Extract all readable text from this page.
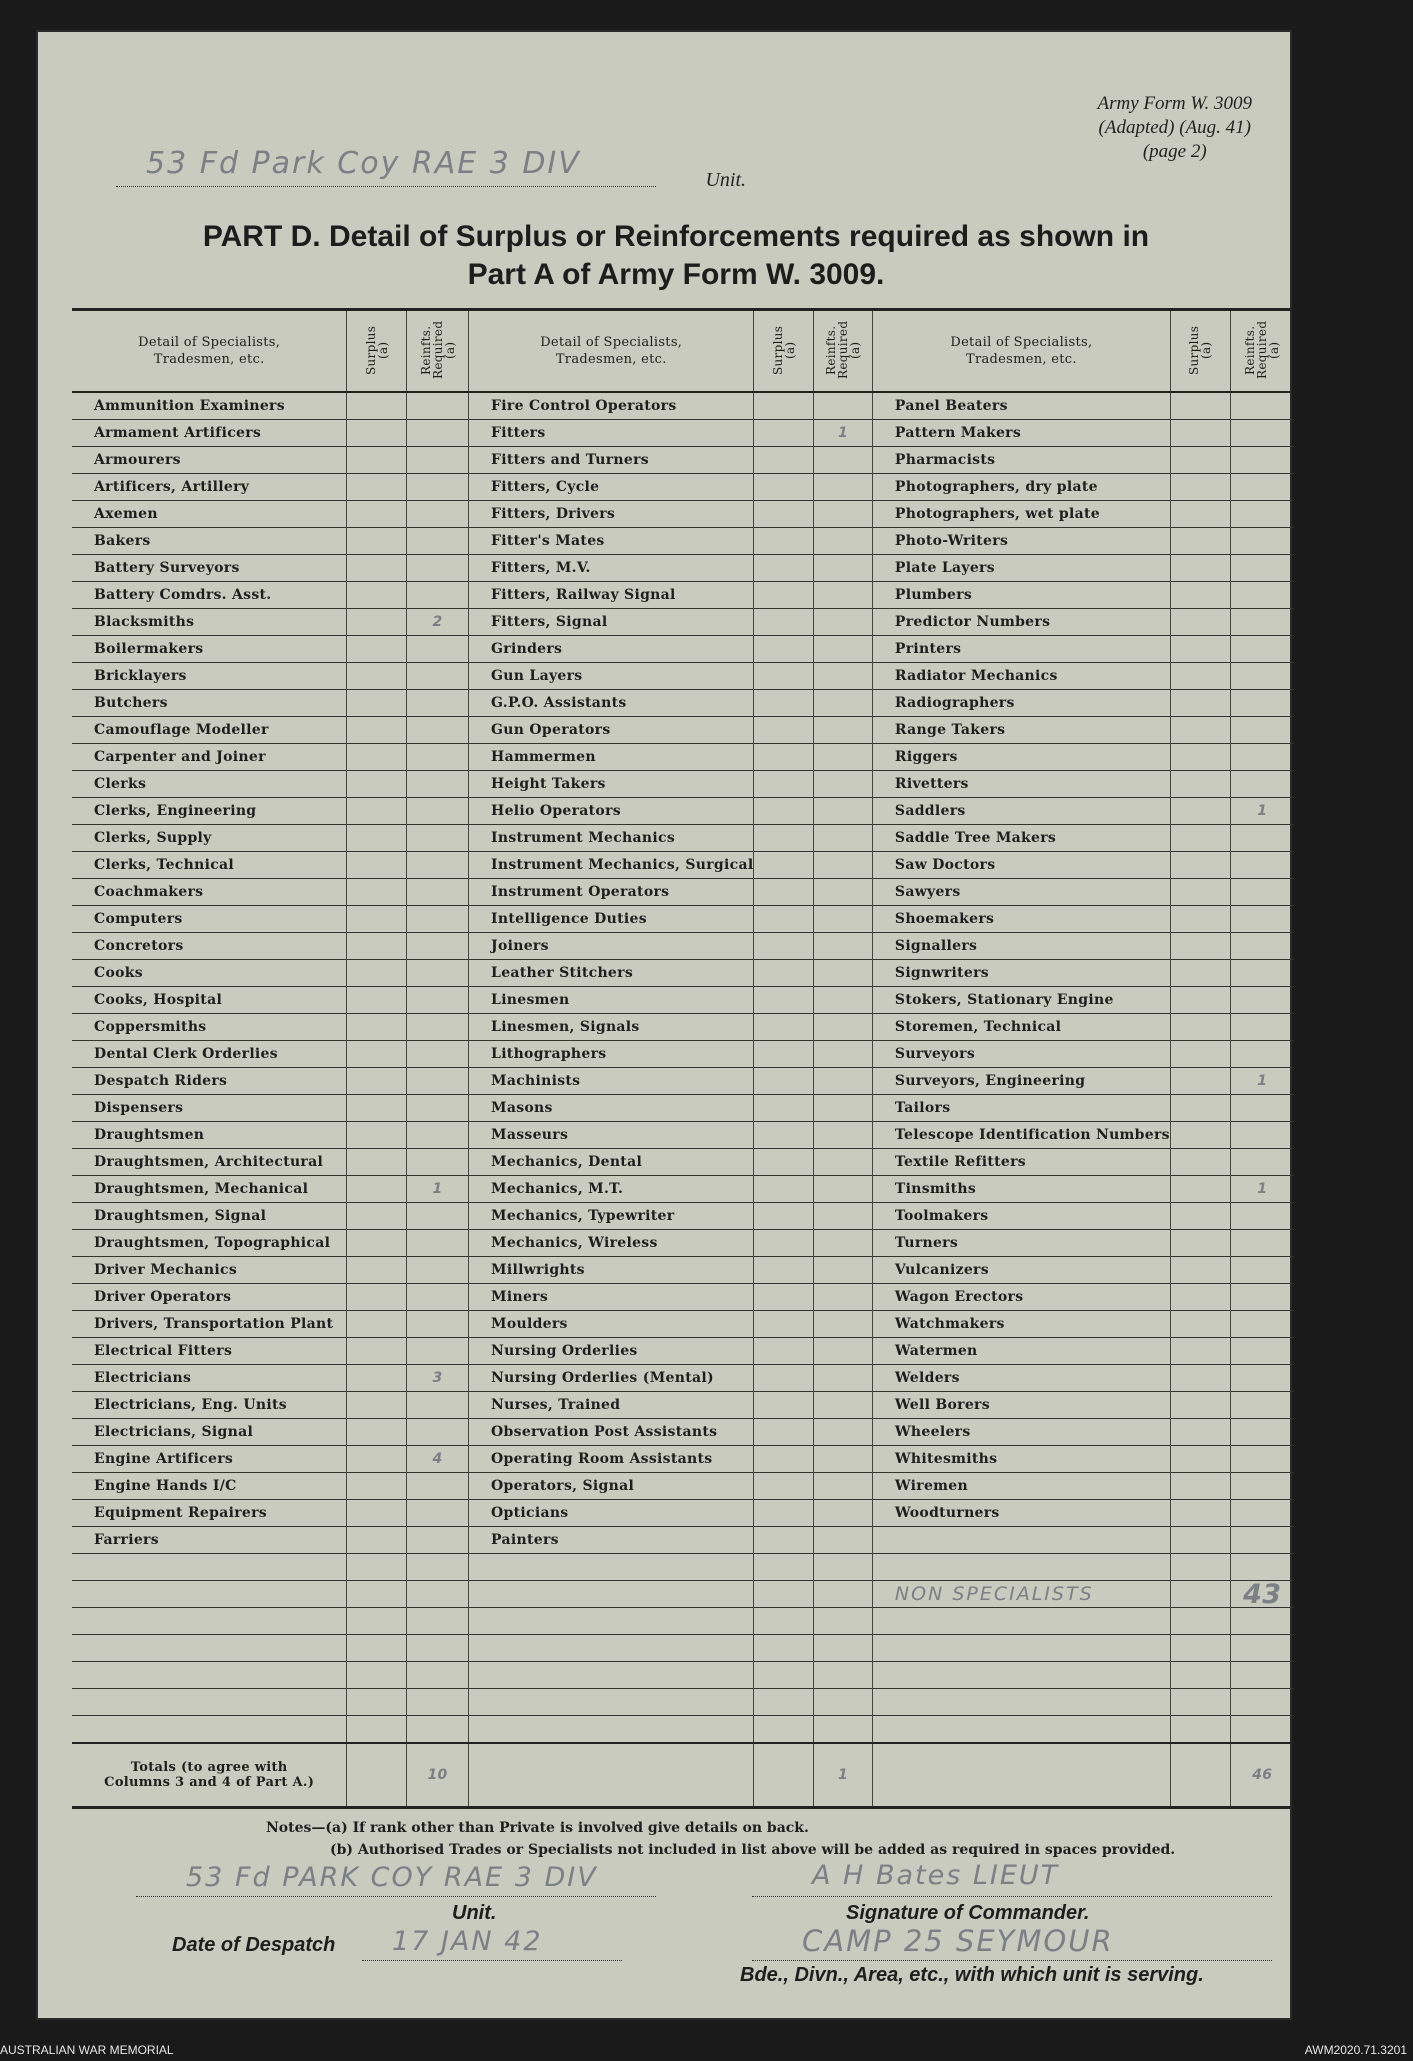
Army Form W. 3009
(Adapted) (Aug. 41)
(page 2)
53 Fd Park Coy RAE 3 DIV	Unit.
PART D. Detail of Surplus or Reinforcements required as shown in
Part A of Army Form W. 3009.
Detail of Specialists, Tradesmen, etc.	Surplus (a)	Reinfts. Required (a)	Detail of Specialists, Tradesmen, etc.	Surplus (a)	Reinfts. Required (a)	Detail of Specialists, Tradesmen, etc.	Surplus (a)	Reinfts. Required (a)
Ammunition Examiners			Fire Control Operators			Panel Beaters		
Armament Artificers			Fitters		1	Pattern Makers		
Armourers			Fitters and Turners			Pharmacists		
Artificers, Artillery			Fitters, Cycle			Photographers, dry plate		
Axemen			Fitters, Drivers			Photographers, wet plate		
Bakers			Fitter's Mates			Photo-Writers		
Battery Surveyors			Fitters, M.V.			Plate Layers		
Battery Comdrs. Asst.			Fitters, Railway Signal			Plumbers		
Blacksmiths		2	Fitters, Signal			Predictor Numbers		
Boilermakers			Grinders			Printers		
Bricklayers			Gun Layers			Radiator Mechanics		
Butchers			G.P.O. Assistants			Radiographers		
Camouflage Modeller			Gun Operators			Range Takers		
Carpenter and Joiner			Hammermen			Riggers		
Clerks			Height Takers			Rivetters		
Clerks, Engineering			Helio Operators			Saddlers		1
Clerks, Supply			Instrument Mechanics			Saddle Tree Makers		
Clerks, Technical			Instrument Mechanics, Surgical			Saw Doctors		
Coachmakers			Instrument Operators			Sawyers		
Computers			Intelligence Duties			Shoemakers		
Concretors			Joiners			Signallers		
Cooks			Leather Stitchers			Signwriters		
Cooks, Hospital			Linesmen			Stokers, Stationary Engine		
Coppersmiths			Linesmen, Signals			Storemen, Technical		
Dental Clerk Orderlies			Lithographers			Surveyors		
Despatch Riders			Machinists			Surveyors, Engineering		1
Dispensers			Masons			Tailors		
Draughtsmen			Masseurs			Telescope Identification Numbers		
Draughtsmen, Architectural			Mechanics, Dental			Textile Refitters		
Draughtsmen, Mechanical		1	Mechanics, M.T.			Tinsmiths		1
Draughtsmen, Signal			Mechanics, Typewriter			Toolmakers		
Draughtsmen, Topographical			Mechanics, Wireless			Turners		
Driver Mechanics			Millwrights			Vulcanizers		
Driver Operators			Miners			Wagon Erectors		
Drivers, Transportation Plant			Moulders			Watchmakers		
Electrical Fitters			Nursing Orderlies			Watermen		
Electricians		3	Nursing Orderlies (Mental)			Welders		
Electricians, Eng. Units			Nurses, Trained			Well Borers		
Electricians, Signal			Observation Post Assistants			Wheelers		
Engine Artificers		4	Operating Room Assistants			Whitesmiths		
Engine Hands I/C			Operators, Signal			Wiremen		
Equipment Repairers			Opticians			Woodturners		
Farriers			Painters					

						NON SPECIALISTS		43

Totals (to agree with Columns 3 and 4 of Part A.)		10			1			46
Notes—(a) If rank other than Private is involved give details on back.
(b) Authorised Trades or Specialists not included in list above will be added as required in spaces provided.
53 Fd PARK COY RAE 3 DIV
Unit.
A H Bates LIEUT
Signature of Commander.
Date of Despatch 17 JAN 42	CAMP 25 SEYMOUR
Bde., Divn., Area, etc., with which unit is serving.
AUSTRALIAN WAR MEMORIAL	AWM2020.71.3201
